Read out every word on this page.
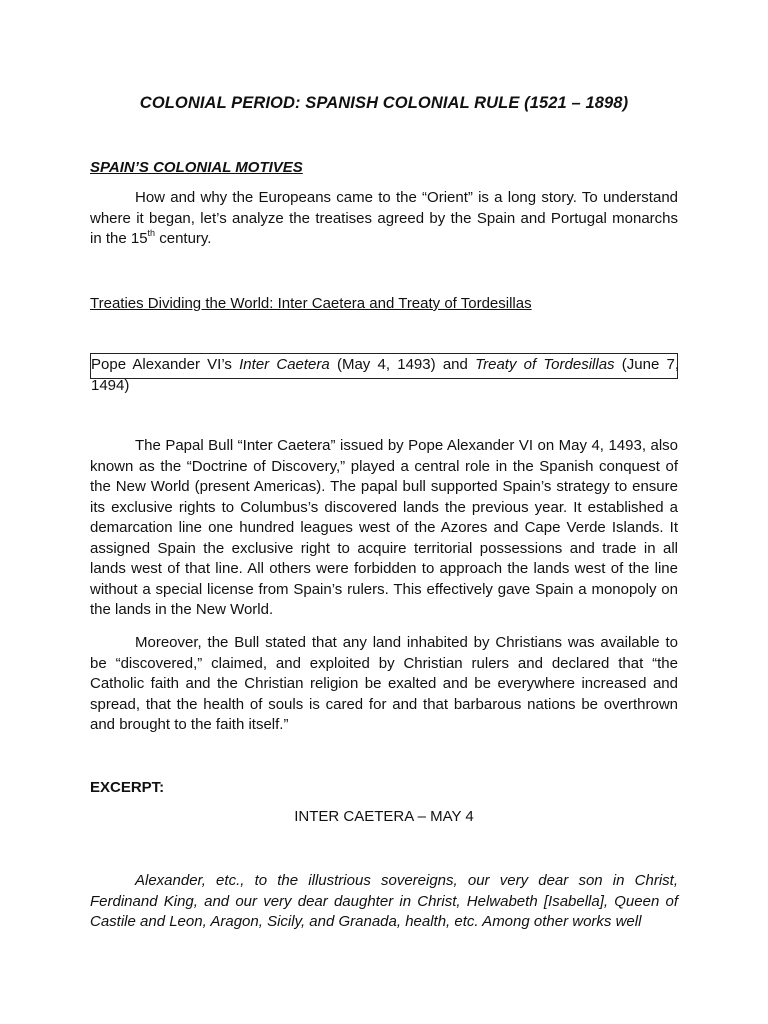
COLONIAL PERIOD: SPANISH COLONIAL RULE (1521 – 1898)
SPAIN’S COLONIAL MOTIVES
How and why the Europeans came to the “Orient” is a long story. To understand where it began, let’s analyze the treatises agreed by the Spain and Portugal monarchs in the 15th century.
Treaties Dividing the World: Inter Caetera and Treaty of Tordesillas
Pope Alexander VI’s Inter Caetera (May 4, 1493) and Treaty of Tordesillas (June 7,
1494)
The Papal Bull “Inter Caetera” issued by Pope Alexander VI on May 4, 1493, also known as the “Doctrine of Discovery,” played a central role in the Spanish conquest of the New World (present Americas). The papal bull supported Spain’s strategy to ensure its exclusive rights to Columbus’s discovered lands the previous year. It established a demarcation line one hundred leagues west of the Azores and Cape Verde Islands. It assigned Spain the exclusive right to acquire territorial possessions and trade in all lands west of that line. All others were forbidden to approach the lands west of the line without a special license from Spain’s rulers. This effectively gave Spain a monopoly on the lands in the New World.
Moreover, the Bull stated that any land inhabited by Christians was available to be “discovered,” claimed, and exploited by Christian rulers and declared that “the Catholic faith and the Christian religion be exalted and be everywhere increased and spread, that the health of souls is cared for and that barbarous nations be overthrown and brought to the faith itself.”
EXCERPT:
INTER CAETERA – MAY 4
Alexander, etc., to the illustrious sovereigns, our very dear son in Christ, Ferdinand King, and our very dear daughter in Christ, Helwabeth [Isabella], Queen of Castile and Leon, Aragon, Sicily, and Granada, health, etc. Among other works well
